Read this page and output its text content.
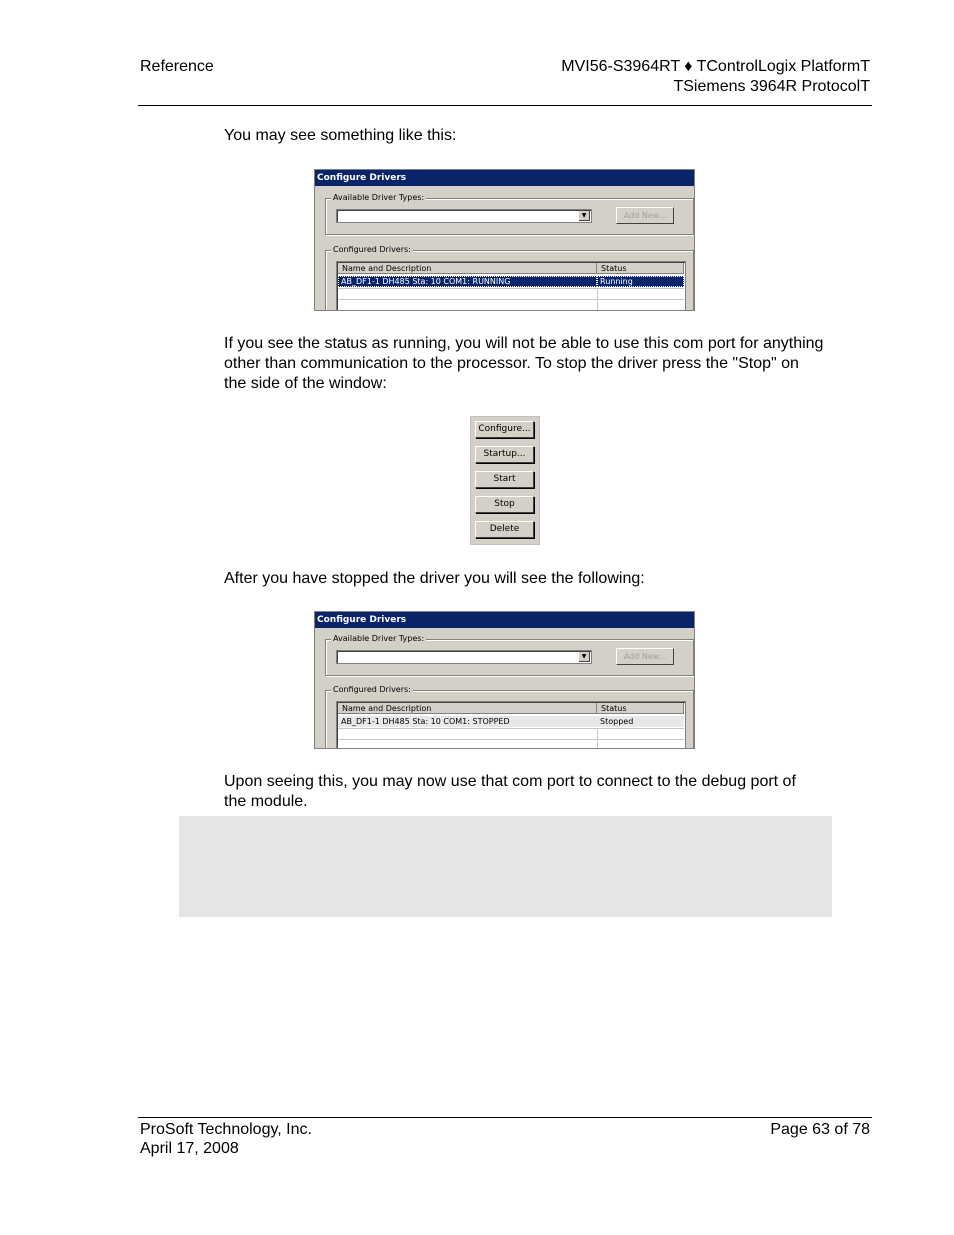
Reference	MVI56-S3964RT ♦ TControlLogix PlatformT
TSiemens 3964R ProtocolT
You may see something like this:
Configure Drivers
Available Driver Types:
▼	Add New...
Configured Drivers:
Name and Description	Status
AB_DF1-1 DH485 Sta: 10 COM1: RUNNING	Running
If you see the status as running, you will not be able to use this com port for anything other than communication to the processor. To stop the driver press the "Stop" on the side of the window:
Configure...
Startup...
Start
Stop
Delete
After you have stopped the driver you will see the following:
Configure Drivers
Available Driver Types:
▼	Add New...
Configured Drivers:
Name and Description	Status
AB_DF1-1 DH485 Sta: 10 COM1: STOPPED	Stopped
Upon seeing this, you may now use that com port to connect to the debug port of the module.
ProSoft Technology, Inc.
April 17, 2008
Page 63 of 78
